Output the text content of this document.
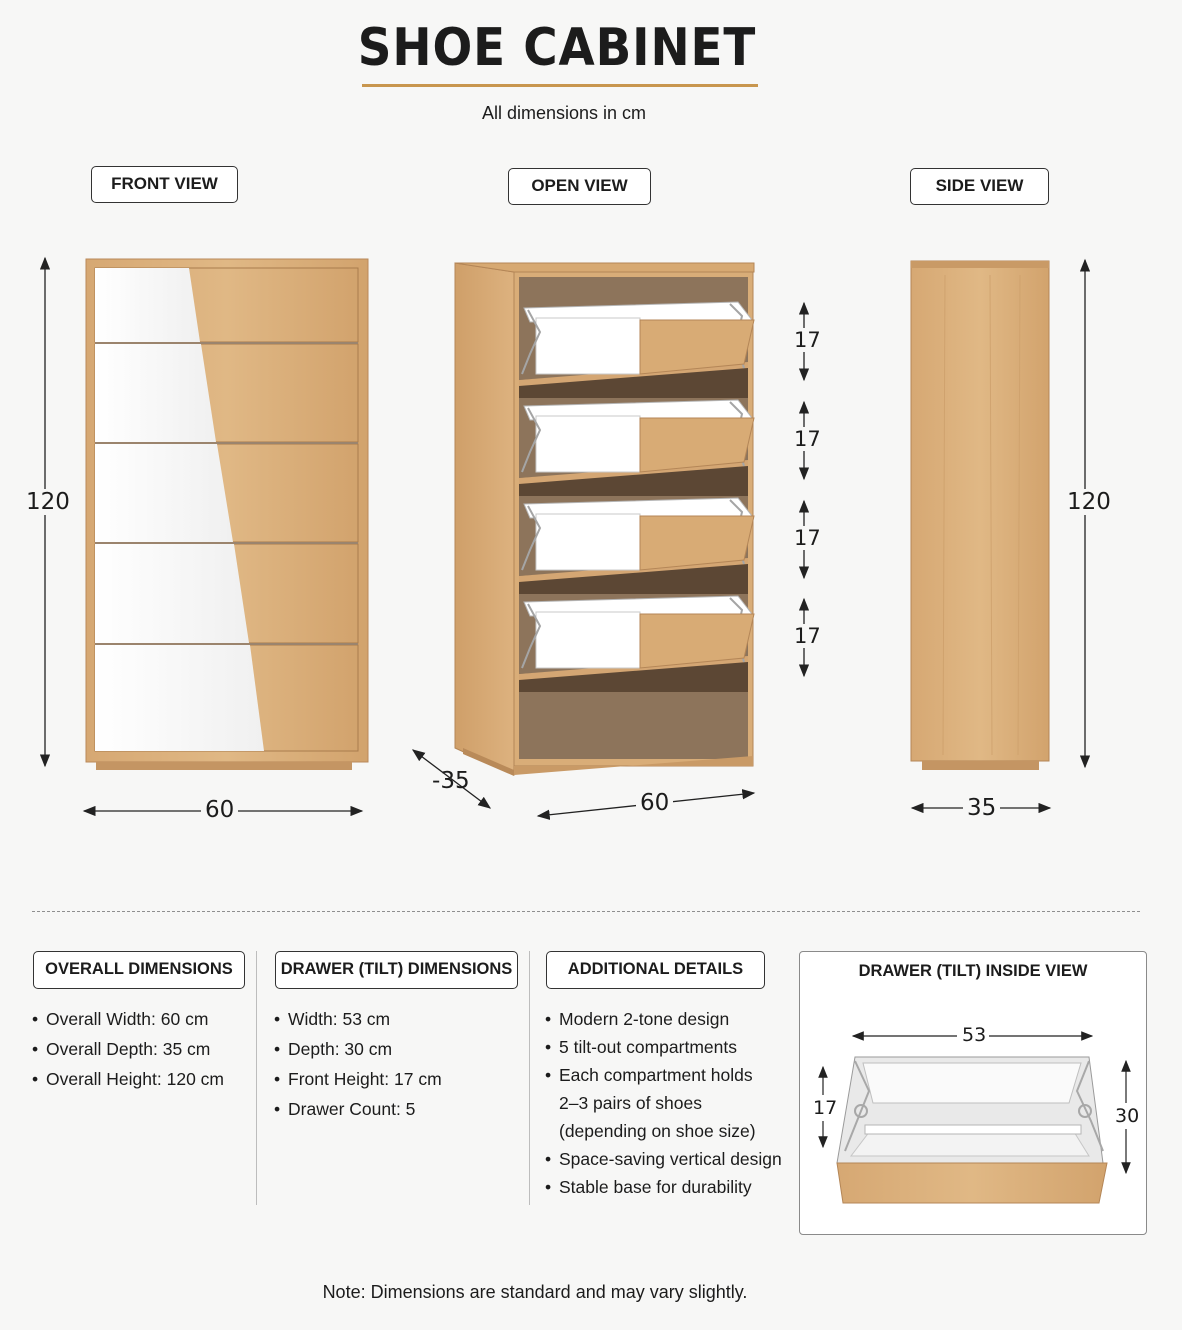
SHOE CABINET
All dimensions in cm
FRONT VIEW	OPEN VIEW	SIDE VIEW
120
60
-35
60
120
35
17
17
17
17
OVERALL DIMENSIONS
• Overall Width: 60 cm
• Overall Depth: 35 cm
• Overall Height: 120 cm
DRAWER (TILT) DIMENSIONS
• Width: 53 cm
• Depth: 30 cm
• Front Height: 17 cm
• Drawer Count: 5
ADDITIONAL DETAILS
• Modern 2-tone design
• 5 tilt-out compartments
• Each compartment holds
2–3 pairs of shoes
(depending on shoe size)
• Space-saving vertical design
• Stable base for durability
DRAWER (TILT) INSIDE VIEW
53
17	30
Note: Dimensions are standard and may vary slightly.
